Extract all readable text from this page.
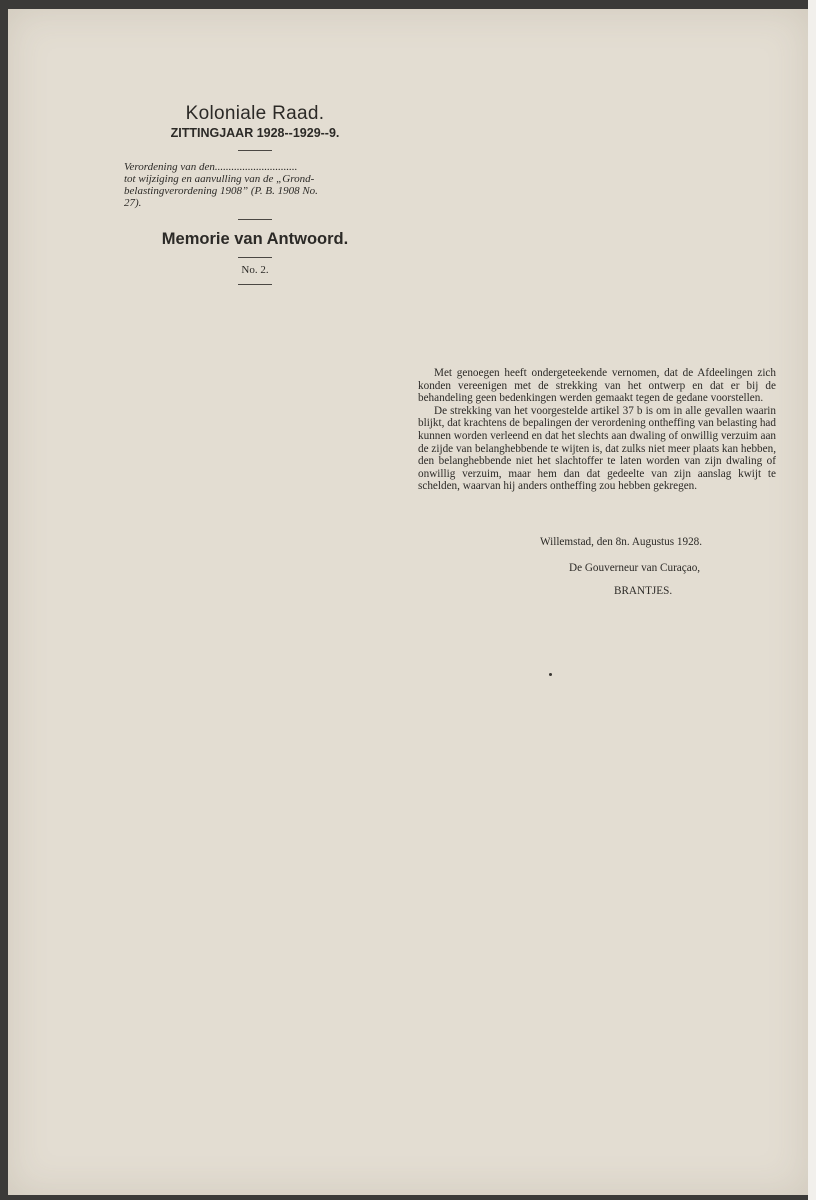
Koloniale Raad.
ZITTINGJAAR 1928--1929--9.
Verordening van den..............................
tot wijziging en aanvulling van de „Grond-
belastingverordening 1908” (P. B. 1908 No.
27).
Memorie van Antwoord.
No. 2.

Met genoegen heeft ondergeteekende vernomen, dat de Afdeelingen zich konden vereenigen met de strekking van het ontwerp en dat er bij de behandeling geen bedenkingen werden gemaakt tegen de gedane voorstellen.

De strekking van het voorgestelde artikel 37 b is om in alle gevallen waarin blijkt, dat krachtens de bepalingen der verordening ontheffing van belasting had kunnen worden verleend en dat het slechts aan dwaling of onwillig verzuim aan de zijde van belanghebbende te wijten is, dat zulks niet meer plaats kan hebben, den belanghebbende niet het slachtoffer te laten worden van zijn dwaling of onwillig verzuim, maar hem dan dat gedeelte van zijn aanslag kwijt te schelden, waarvan hij anders ontheffing zou hebben gekregen.

Willemstad, den 8n. Augustus 1928.
De Gouverneur van Curaçao,
BRANTJES.
